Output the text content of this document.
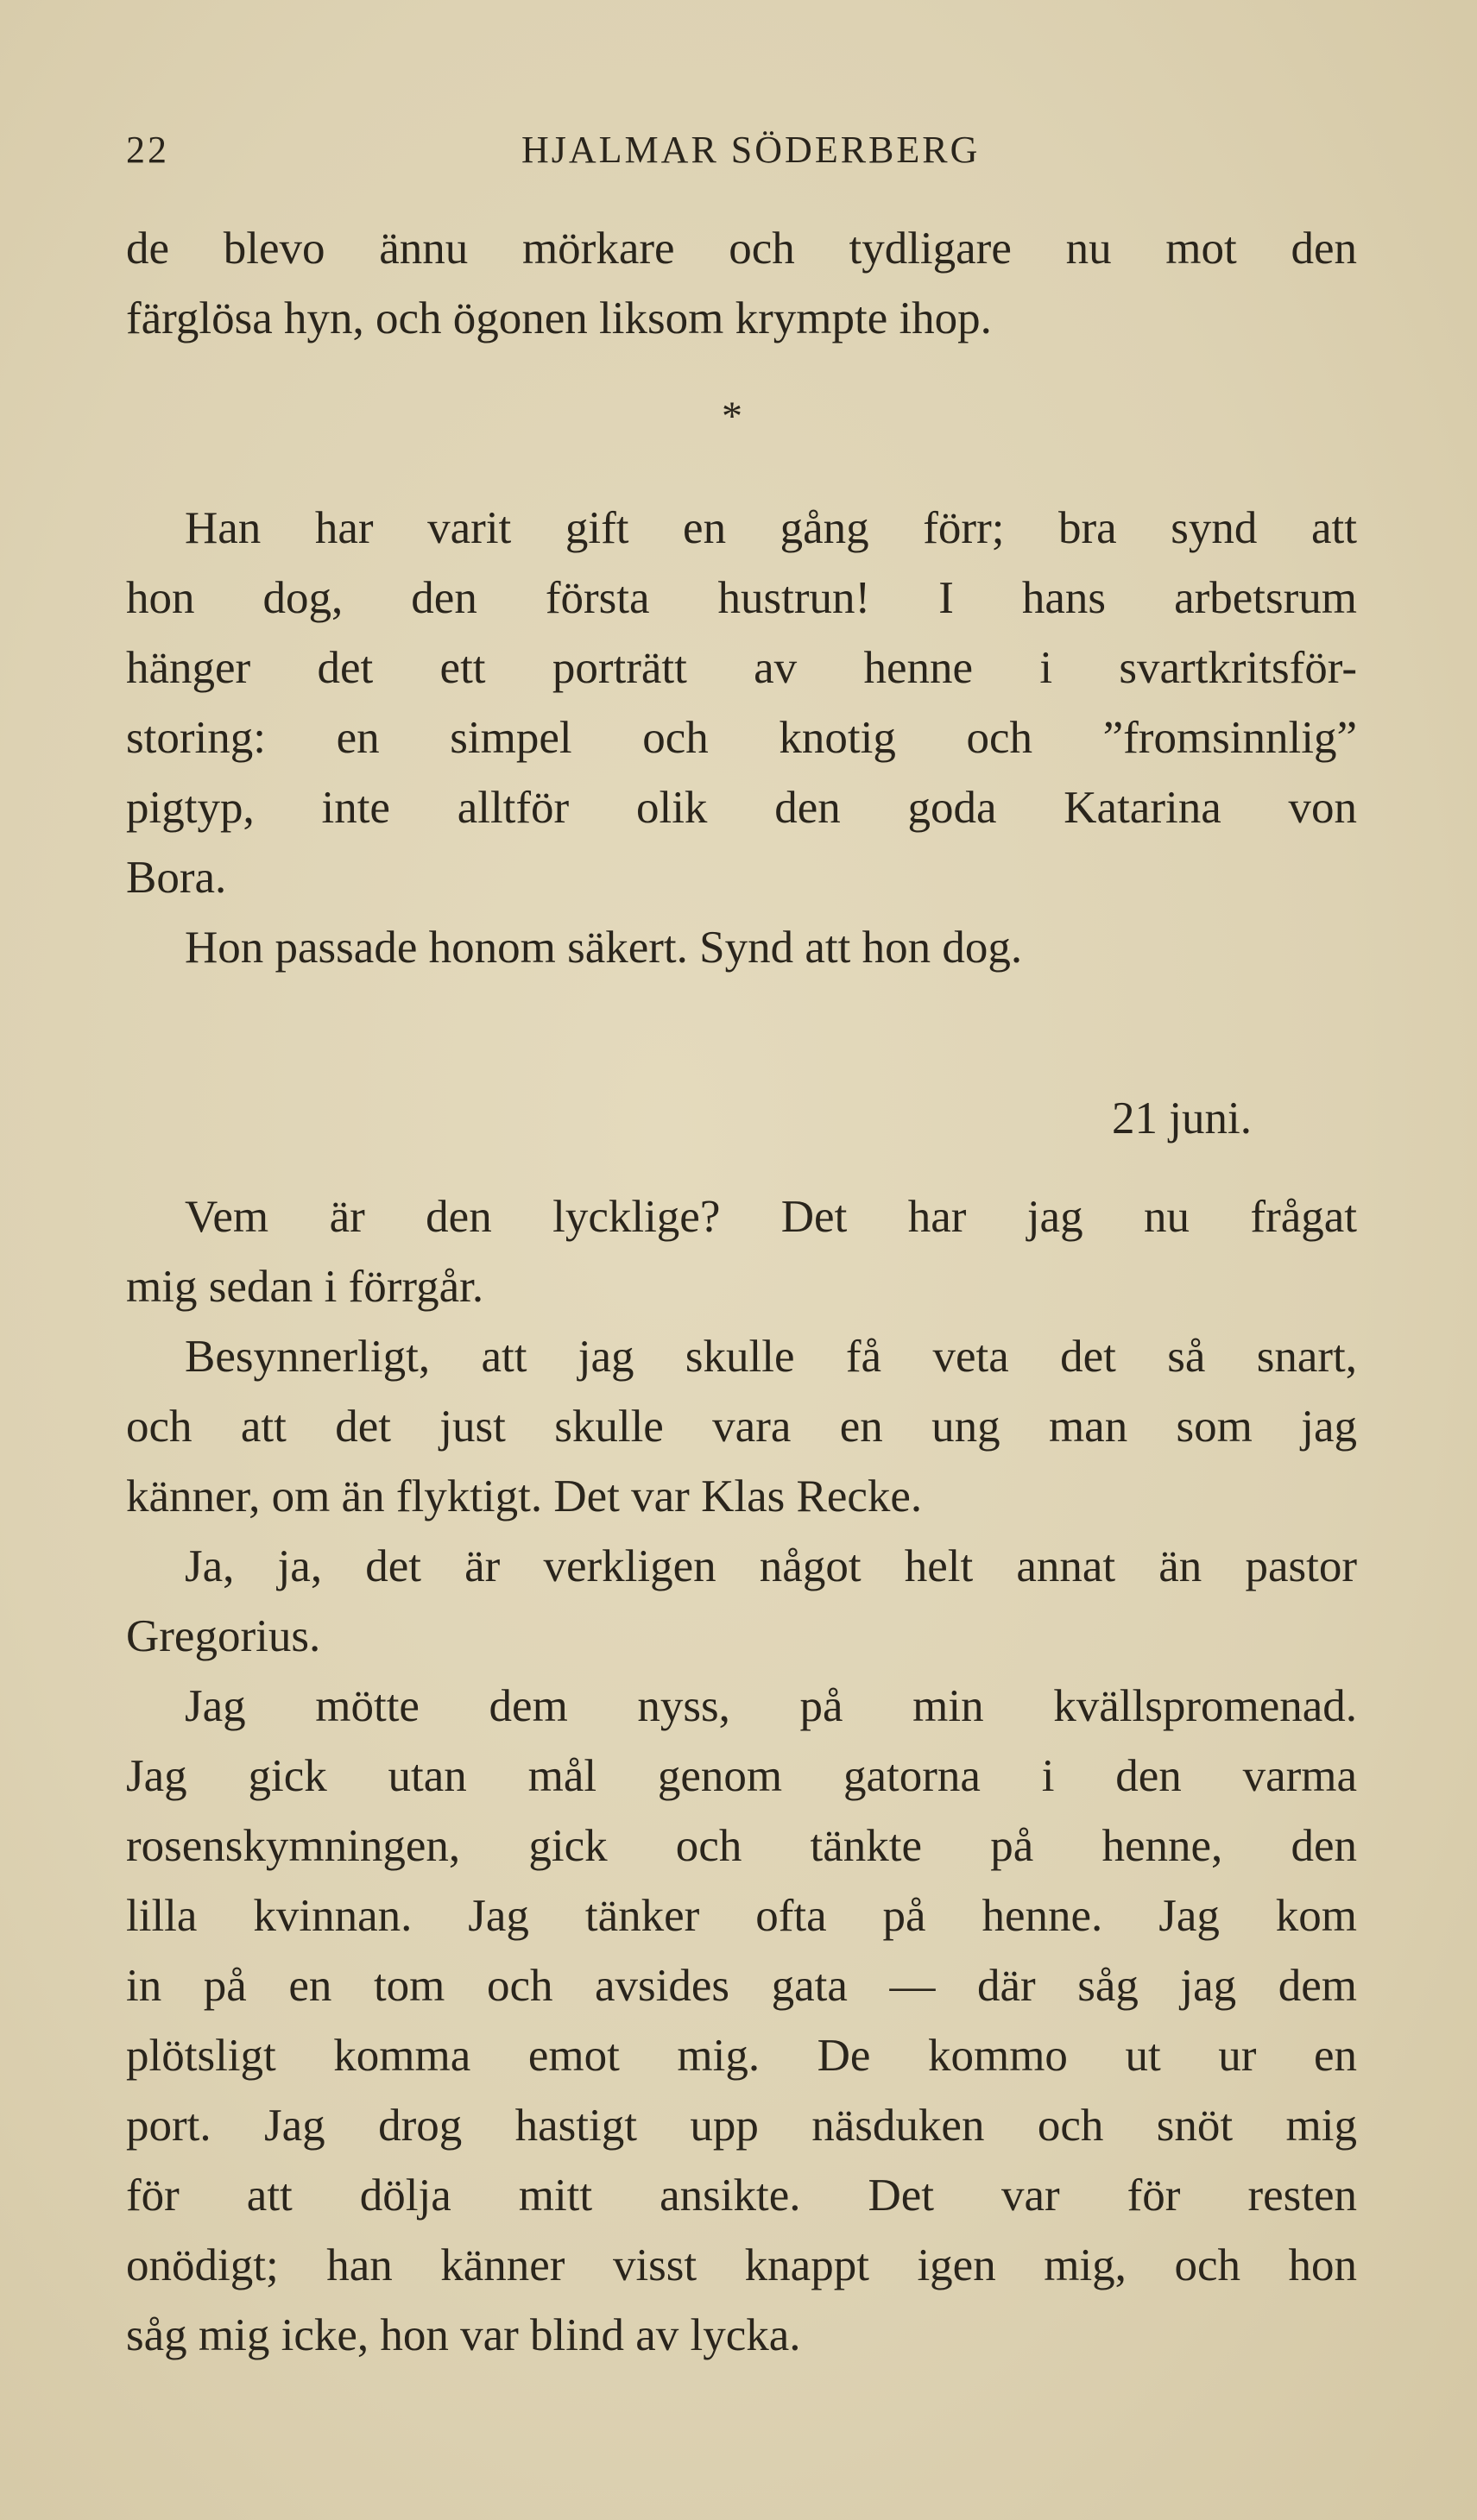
22	HJALMAR SÖDERBERG

de blevo ännu mörkare och tydligare nu mot den
färglösa hyn, och ögonen liksom krympte ihop.

*

Han har varit gift en gång förr; bra synd att
hon dog, den första hustrun! I hans arbetsrum
hänger det ett porträtt av henne i svartkritsför-
storing: en simpel och knotig och ”fromsinnlig”
pigtyp, inte alltför olik den goda Katarina von
Bora.

Hon passade honom säkert. Synd att hon dog.

21 juni.

Vem är den lycklige? Det har jag nu frågat
mig sedan i förrgår.

Besynnerligt, att jag skulle få veta det så snart,
och att det just skulle vara en ung man som jag
känner, om än flyktigt. Det var Klas Recke.

Ja, ja, det är verkligen något helt annat än pastor
Gregorius.

Jag mötte dem nyss, på min kvällspromenad.
Jag gick utan mål genom gatorna i den varma
rosenskymningen, gick och tänkte på henne, den
lilla kvinnan. Jag tänker ofta på henne. Jag kom
in på en tom och avsides gata — där såg jag dem
plötsligt komma emot mig. De kommo ut ur en
port. Jag drog hastigt upp näsduken och snöt mig
för att dölja mitt ansikte. Det var för resten
onödigt; han känner visst knappt igen mig, och hon
såg mig icke, hon var blind av lycka.
